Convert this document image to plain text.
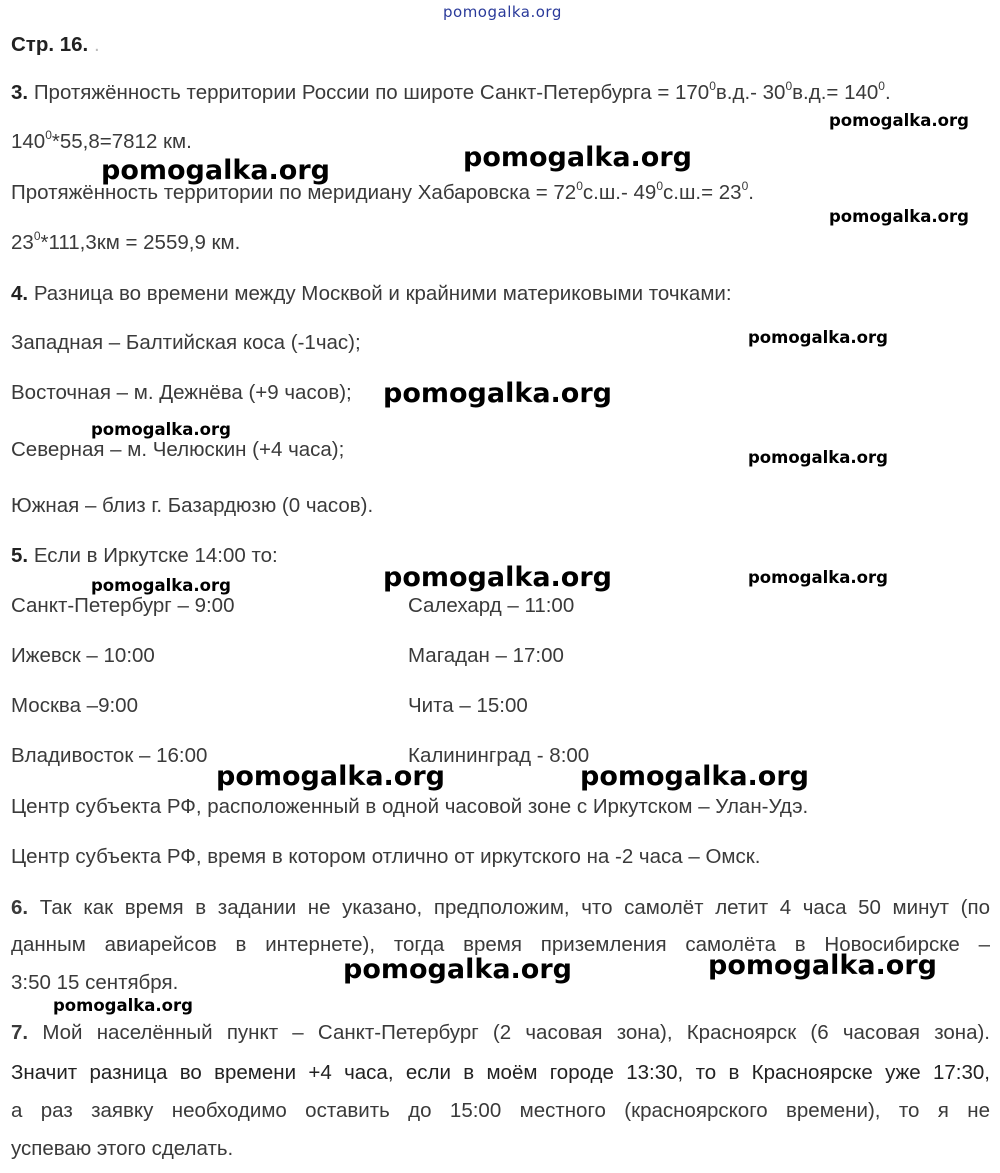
pomogalka.org
Стр. 16. .
3. Протяжённость территории России по широте Санкт-Петербурга = $170^0в.д.-$ $30^0в.д.= 140^0$.
$140^0*55,8=7812$ км.
Протяжённость территории по меридиану Хабаровска = $72^0с.ш.-$ $49^0с.ш.= 23^0$.
$23^0*111,3км = 2559,9$ км.
4. Разница во времени между Москвой и крайними материковыми точками:
Западная – Балтийская коса (-1час);
Восточная – м. Дежнёва (+9 часов);
Северная – м. Челюскин (+4 часа);
Южная – близ г. Базардюзю (0 часов).
5. Если в Иркутске 14:00 то:
Санкт-Петербург – 9:00	Салехард – 11:00
Ижевск – 10:00	Магадан – 17:00
Москва –9:00	Чита – 15:00
Владивосток – 16:00	Калининград - 8:00
Центр субъекта РФ, расположенный в одной часовой зоне с Иркутском – Улан-Удэ.
Центр субъекта РФ, время в котором отлично от иркутского на -2 часа – Омск.
6. Так как время в задании не указано, предположим, что самолёт летит 4 часа 50 минут (по
данным авиарейсов в интернете), тогда время приземления самолёта в Новосибирске –
3:50 15 сентября.
7. Мой населённый пункт – Санкт-Петербург (2 часовая зона), Красноярск (6 часовая зона).
Значит разница во времени +4 часа, если в моём городе 13:30, то в Красноярске уже 17:30,
а раз заявку необходимо оставить до 15:00 местного (красноярского времени), то я не
успеваю этого сделать.
pomogalka.org
pomogalka.org	pomogalka.org
pomogalka.org
pomogalka.org
pomogalka.org
pomogalka.org
pomogalka.org
pomogalka.org
pomogalka.org	pomogalka.org
pomogalka.org	pomogalka.org
pomogalka.org	pomogalka.org
pomogalka.org
